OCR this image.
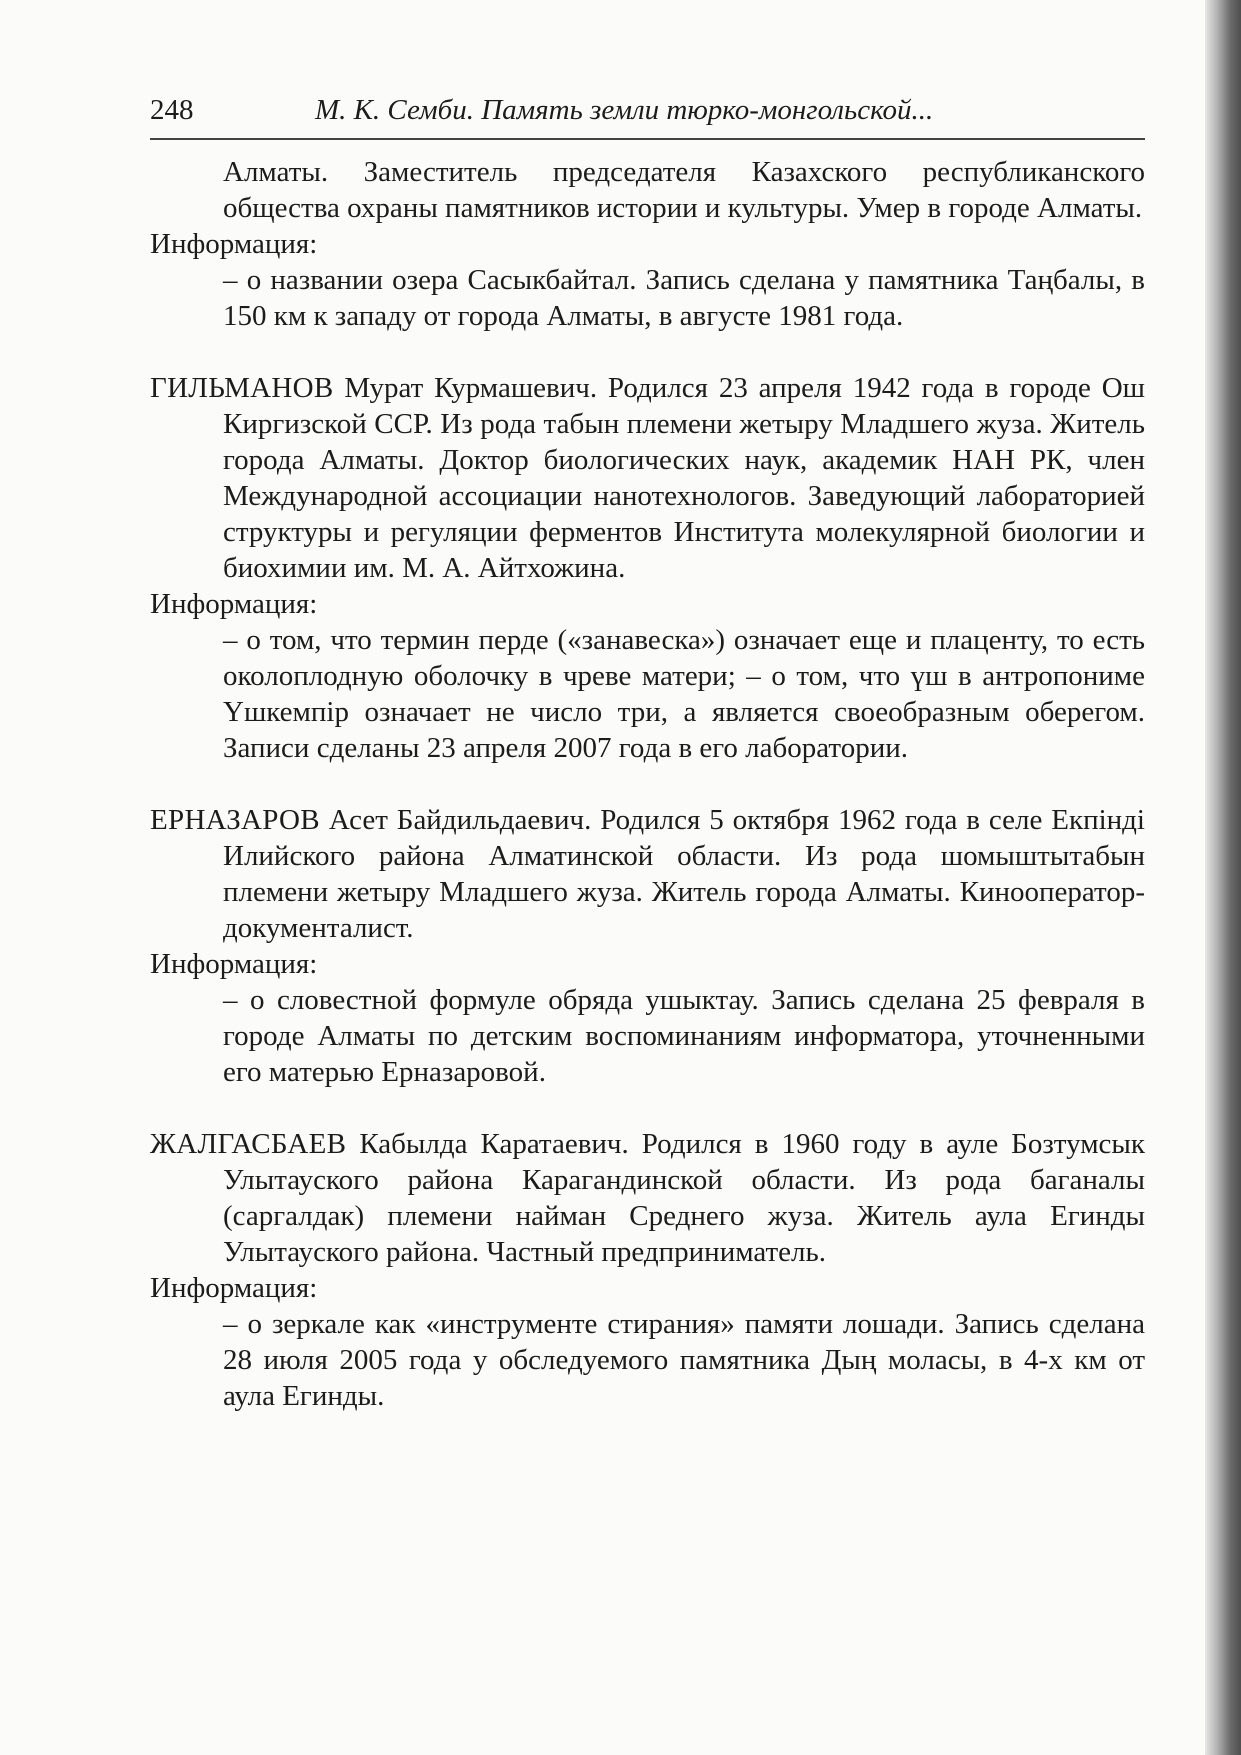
248	М. К. Семби. Память земли тюрко-монгольской...
Алматы. Заместитель председателя Казахского республиканского общества охраны памятников истории и культуры. Умер в городе Алматы.
Информация:
– о названии озера Сасыкбайтал. Запись сделана у памятника Таңбалы, в 150 км к западу от города Алматы, в августе 1981 года.
ГИЛЬМАНОВ Мурат Курмашевич. Родился 23 апреля 1942 года в городе Ош Киргизской ССР. Из рода табын племени жетыру Младшего жуза. Житель города Алматы. Доктор биологических наук, академик НАН РК, член Международной ассоциации нанотехнологов. Заведующий лабораторией структуры и регуляции ферментов Института молекулярной биологии и биохимии им. М. А. Айтхожина.
Информация:
– о том, что термин перде («занавеска») означает еще и плаценту, то есть околоплодную оболочку в чреве матери; – о том, что үш в антропониме Үшкемпір означает не число три, а является своеобразным оберегом. Записи сделаны 23 апреля 2007 года в его лаборатории.
ЕРНАЗАРОВ Асет Байдильдаевич. Родился 5 октября 1962 года в селе Екпінді Илийского района Алматинской области. Из рода шомыштытабын племени жетыру Младшего жуза. Житель города Алматы. Кинооператор-документалист.
Информация:
– о словестной формуле обряда ушыктау. Запись сделана 25 февраля в городе Алматы по детским воспоминаниям информатора, уточненными его матерью Ерназаровой.
ЖАЛГАСБАЕВ Кабылда Каратаевич. Родился в 1960 году в ауле Бозтумсык Улытауского района Карагандинской области. Из рода баганалы (саргалдак) племени найман Среднего жуза. Житель аула Егинды Улытауского района. Частный предприниматель.
Информация:
– о зеркале как «инструменте стирания» памяти лошади. Запись сделана 28 июля 2005 года у обследуемого памятника Дың моласы, в 4-х км от аула Егинды.
